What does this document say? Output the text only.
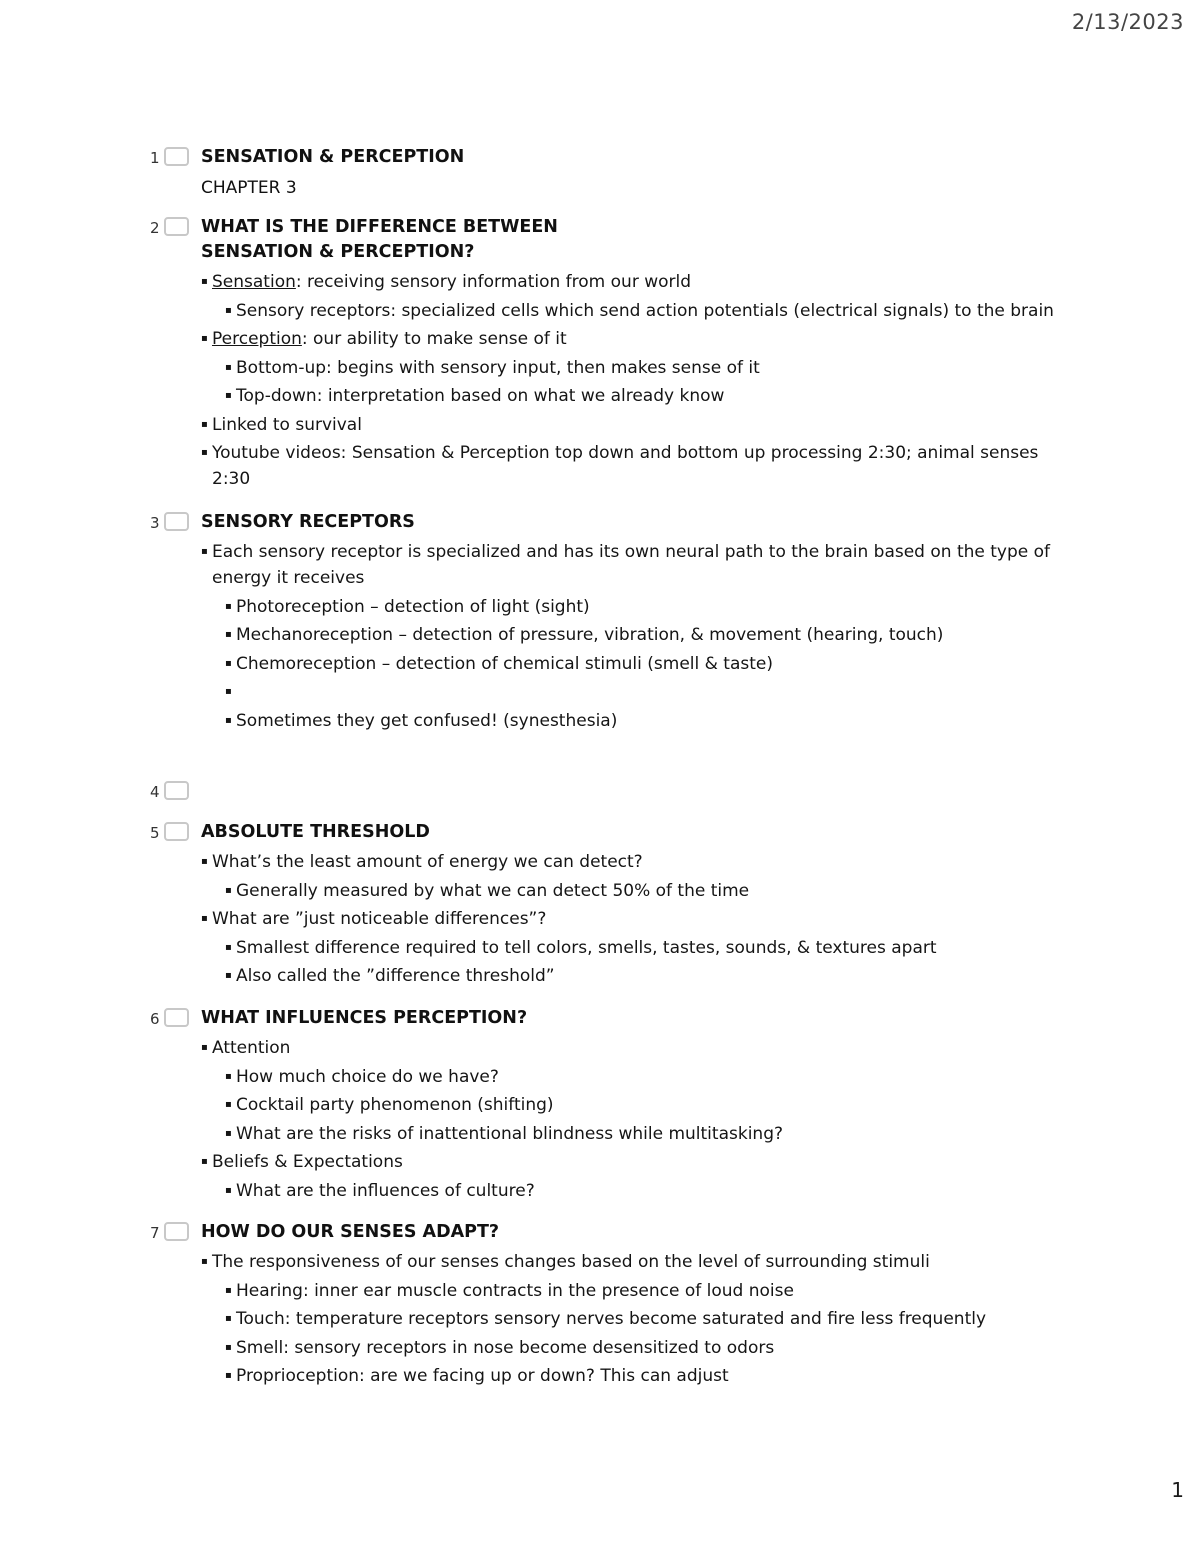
2/13/2023
1 SENSATION & PERCEPTION

CHAPTER 3

2 WHAT IS THE DIFFERENCE BETWEEN
SENSATION & PERCEPTION?

▪ Sensation: receiving sensory information from our world
▪ Sensory receptors: specialized cells which send action potentials (electrical signals) to the brain
▪ Perception: our ability to make sense of it
▪ Bottom-up: begins with sensory input, then makes sense of it
▪ Top-down: interpretation based on what we already know
▪ Linked to survival
▪ Youtube videos: Sensation & Perception top down and bottom up processing 2:30; animal senses 2:30
3 SENSORY RECEPTORS

▪ Each sensory receptor is specialized and has its own neural path to the brain based on the type of energy it receives
▪ Photoreception – detection of light (sight)
▪ Mechanoreception – detection of pressure, vibration, & movement (hearing, touch)
▪ Chemoreception – detection of chemical stimuli (smell & taste)
▪
▪ Sometimes they get confused! (synesthesia)
4
5 ABSOLUTE THRESHOLD

▪ What’s the least amount of energy we can detect?
▪ Generally measured by what we can detect 50% of the time
▪ What are ”just noticeable differences”?
▪ Smallest difference required to tell colors, smells, tastes, sounds, & textures apart
▪ Also called the ”difference threshold”
6 WHAT INFLUENCES PERCEPTION?

▪ Attention
▪ How much choice do we have?
▪ Cocktail party phenomenon (shifting)
▪ What are the risks of inattentional blindness while multitasking?
▪ Beliefs & Expectations
▪ What are the influences of culture?
7 HOW DO OUR SENSES ADAPT?

▪ The responsiveness of our senses changes based on the level of surrounding stimuli
▪ Hearing: inner ear muscle contracts in the presence of loud noise
▪ Touch: temperature receptors sensory nerves become saturated and fire less frequently
▪ Smell: sensory receptors in nose become desensitized to odors
▪ Proprioception: are we facing up or down? This can adjust
1
